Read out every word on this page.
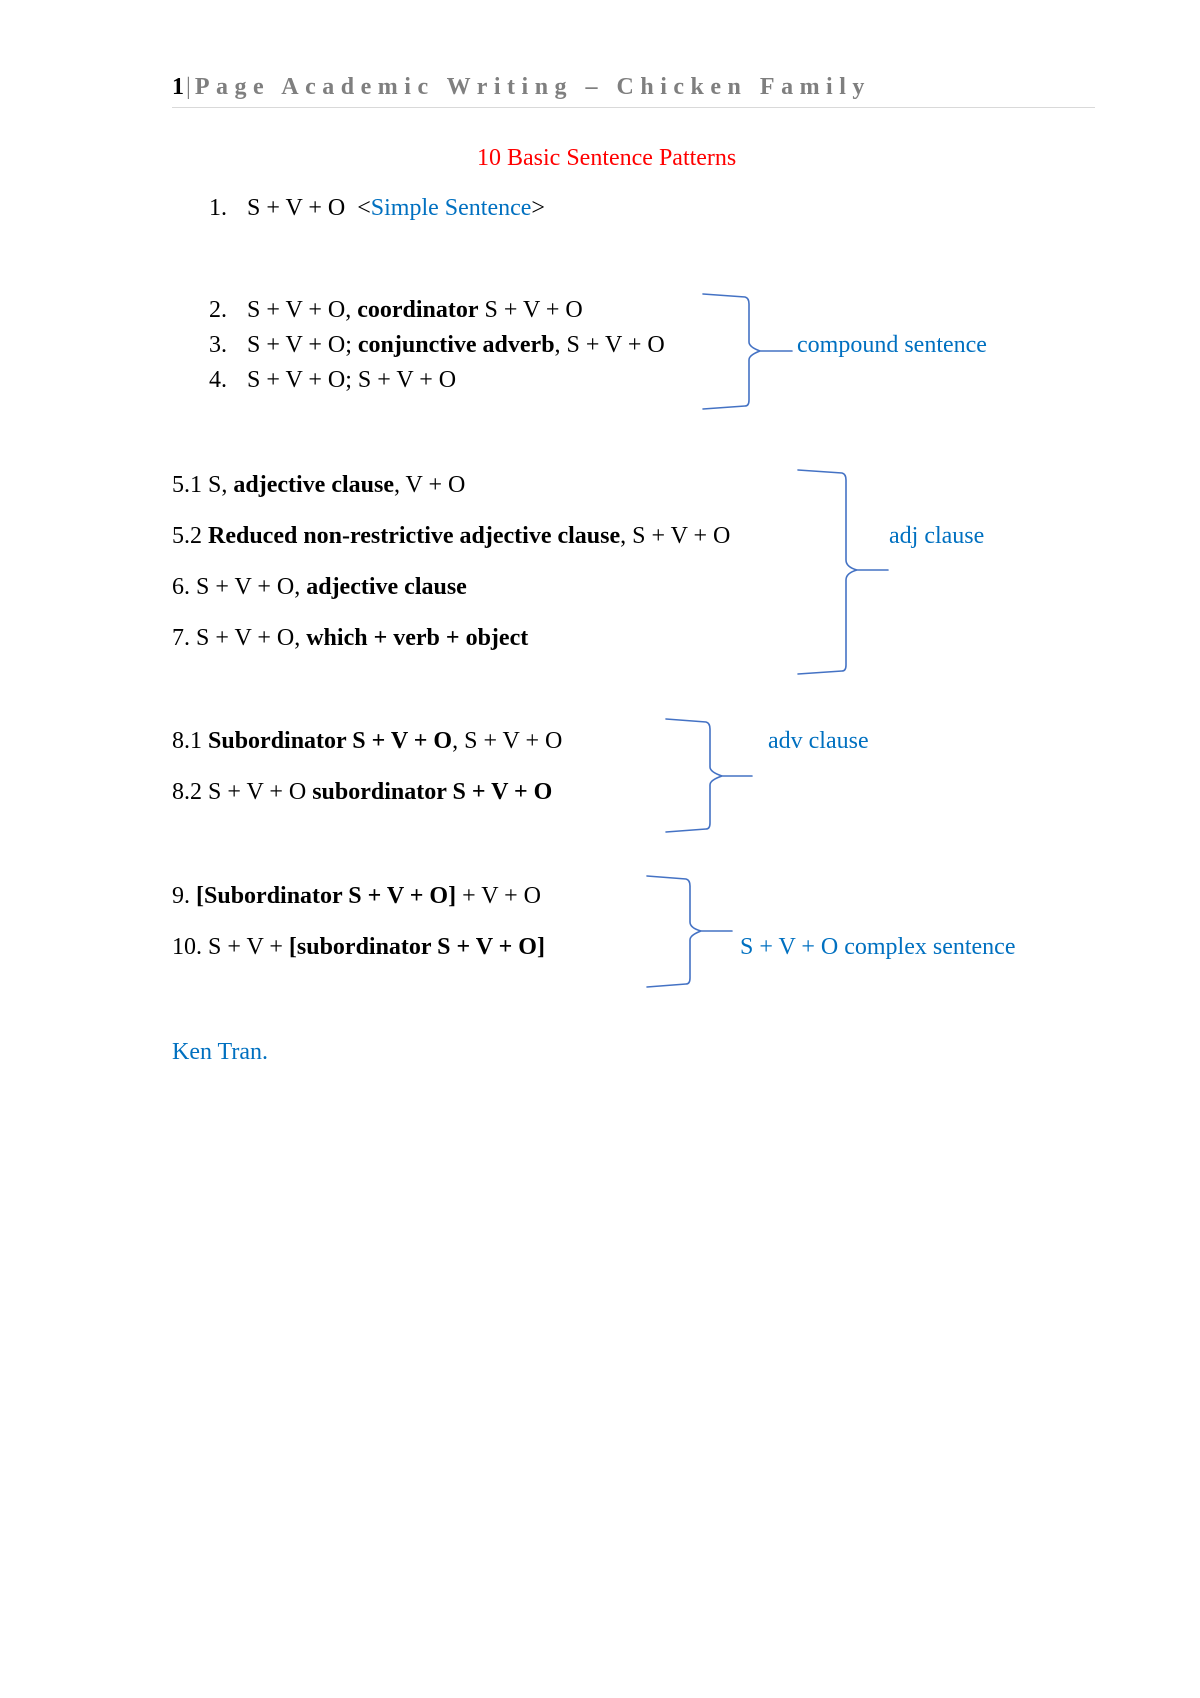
1| Page Academic Writing – Chicken Family
10 Basic Sentence Patterns
1. S + V + O <Simple Sentence>
2. S + V + O, coordinator S + V + O
3. S + V + O; conjunctive adverb, S + V + O
4. S + V + O; S + V + O
5.1 S, adjective clause, V + O
5.2 Reduced non-restrictive adjective clause, S + V + O
6. S + V + O, adjective clause
7. S + V + O, which + verb + object
8.1 Subordinator S + V + O, S + V + O
8.2 S + V + O subordinator S + V + O
9. [Subordinator S + V + O] + V + O
10. S + V + [subordinator S + V + O]
compound sentence
adj clause
adv clause
S + V + O complex sentence
Ken Tran.
